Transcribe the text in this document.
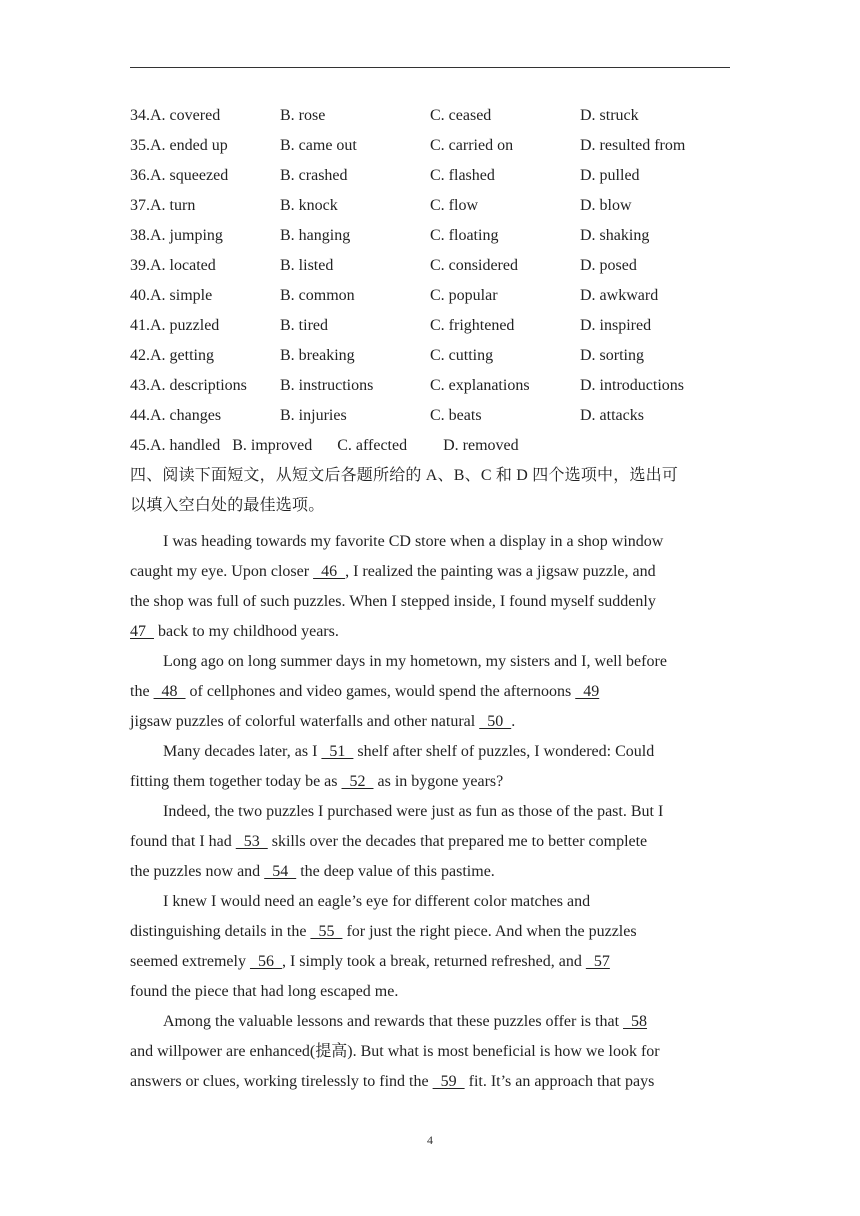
34.A. covered	B. rose	C. ceased	D. struck
35.A. ended up	B. came out	C. carried on	D. resulted from
36.A. squeezed	B. crashed	C. flashed	D. pulled
37.A. turn	B. knock	C. flow	D. blow
38.A. jumping	B. hanging	C. floating	D. shaking
39.A. located	B. listed	C. considered	D. posed
40.A. simple	B. common	C. popular	D. awkward
41.A. puzzled	B. tired	C. frightened	D. inspired
42.A. getting	B. breaking	C. cutting	D. sorting
43.A. descriptions B. instructions	C. explanations	D. introductions
44.A. changes	B. injuries	C. beats	D. attacks
45.A. handled B. improved C. affected D. removed
四、阅读下面短文，从短文后各题所给的 A、B、C 和 D 四个选项中，选出可
以填入空白处的最佳选项。
I was heading towards my favorite CD store when a display in a shop window
caught my eye. Upon closer   46  , I realized the painting was a jigsaw puzzle, and
the shop was full of such puzzles. When I stepped inside, I found myself suddenly
47   back to my childhood years.
Long ago on long summer days in my hometown, my sisters and I, well before
the   48   of cellphones and video games, would spend the afternoons   49
jigsaw puzzles of colorful waterfalls and other natural   50  .
Many decades later, as I   51   shelf after shelf of puzzles, I wondered: Could
fitting them together today be as   52   as in bygone years?
Indeed, the two puzzles I purchased were just as fun as those of the past. But I
found that I had   53   skills over the decades that prepared me to better complete
the puzzles now and   54   the deep value of this pastime.
I knew I would need an eagle’s eye for different color matches and
distinguishing details in the   55   for just the right piece. And when the puzzles
seemed extremely   56  , I simply took a break, returned refreshed, and   57
found the piece that had long escaped me.
Among the valuable lessons and rewards that these puzzles offer is that   58
and willpower are enhanced(提高). But what is most beneficial is how we look for
answers or clues, working tirelessly to find the   59   fit. It’s an approach that pays
4
